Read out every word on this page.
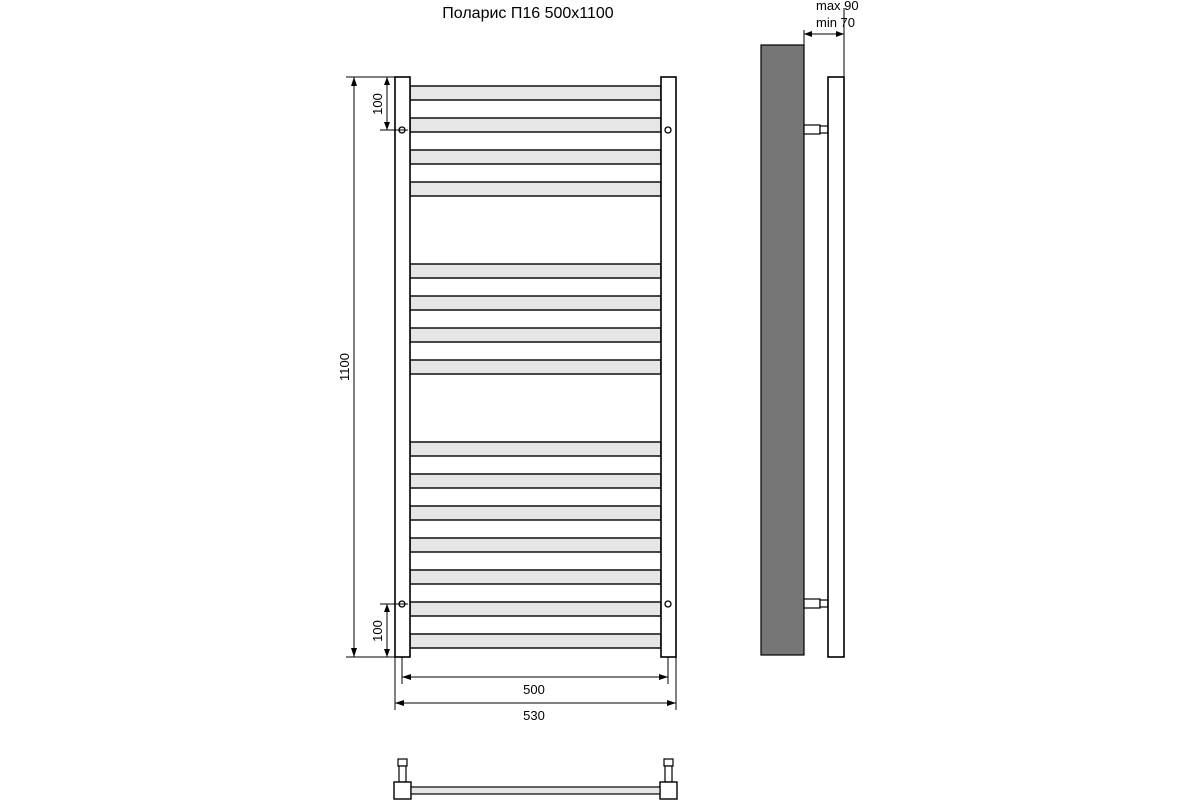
Поларис П16 500х1100
1100
100
100
500
530
max 90
min 70
